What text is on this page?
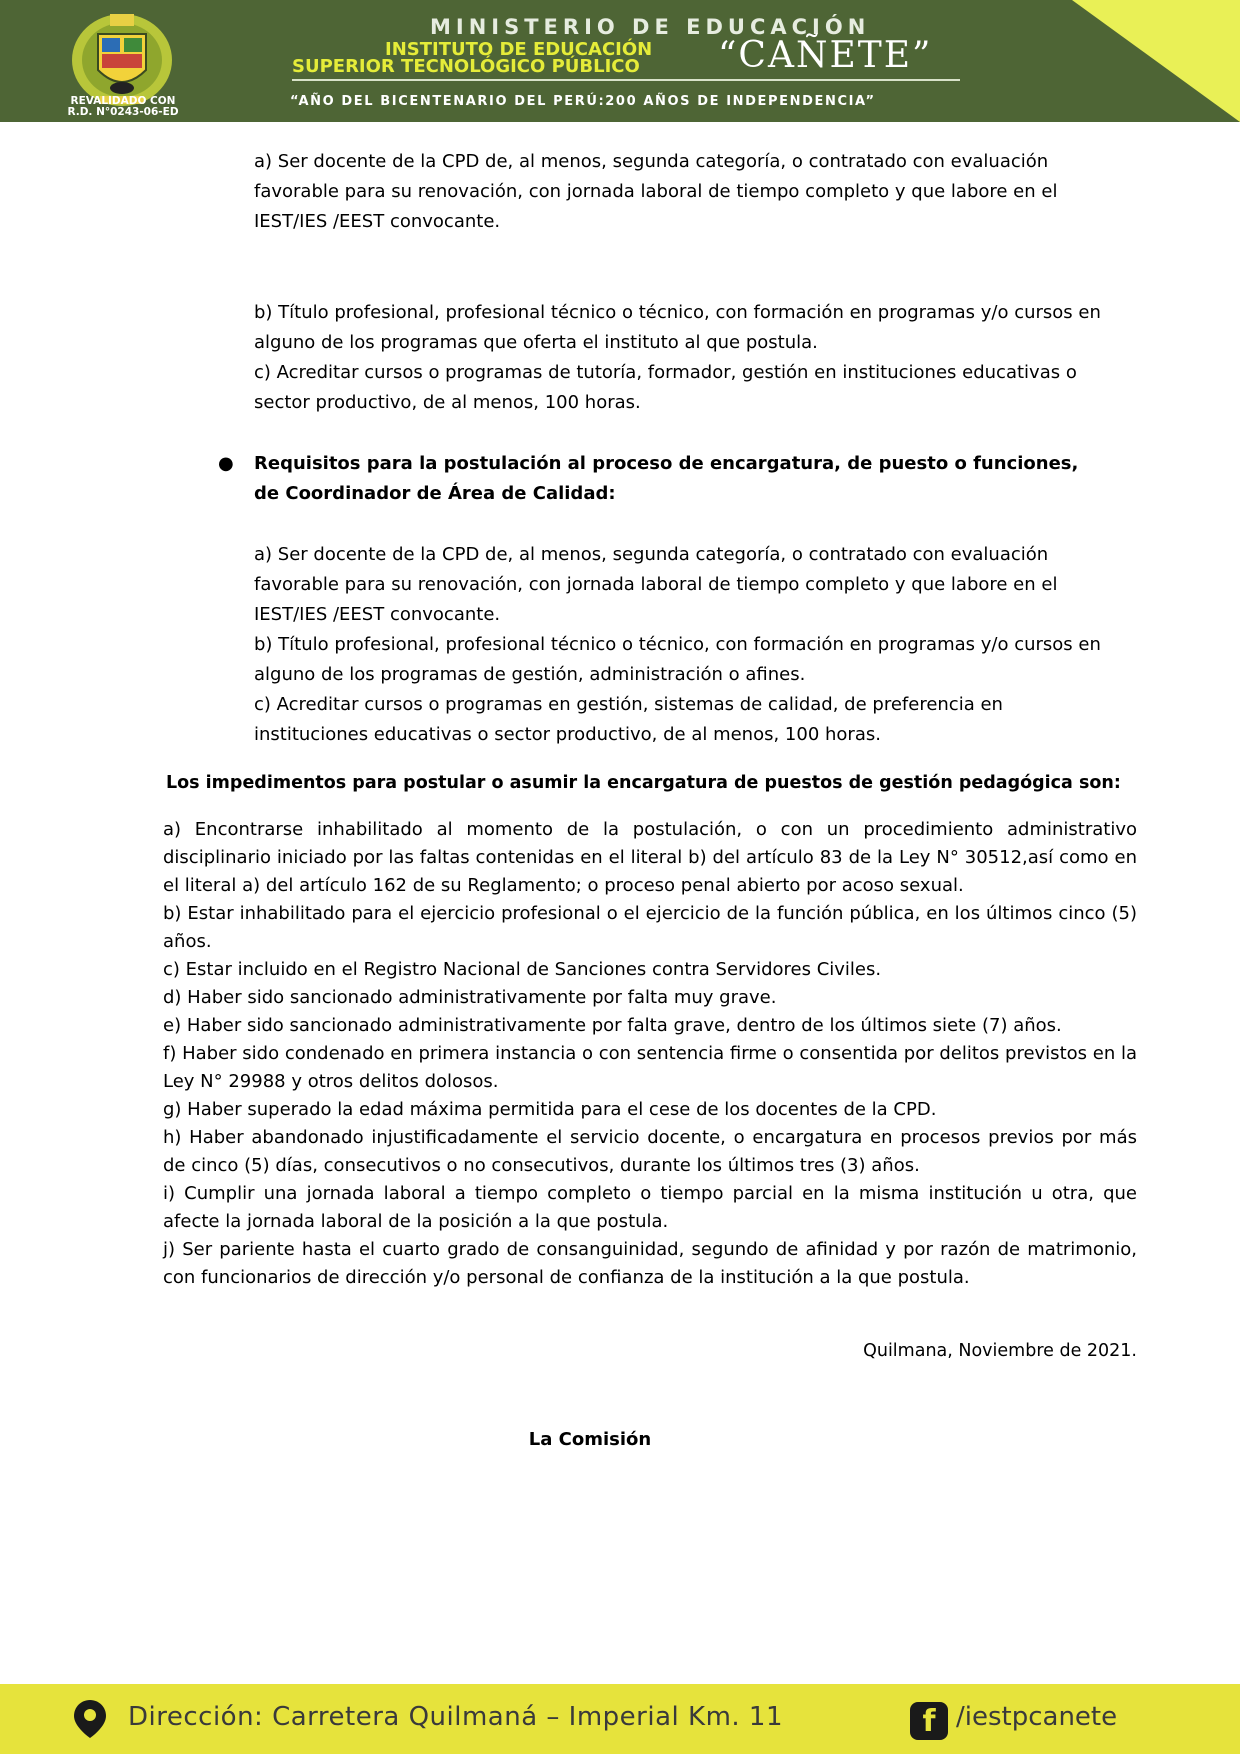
REVALIDADO CON
R.D. N°0243-06-ED
MINISTERIO DE EDUCACIÓN
INSTITUTO DE EDUCACIÓN
SUPERIOR TECNOLÓGICO PÚBLICO “CAÑETE”
“AÑO DEL BICENTENARIO DEL PERÚ:200 AÑOS DE INDEPENDENCIA”

a) Ser docente de la CPD de, al menos, segunda categoría, o contratado con evaluación favorable para su renovación, con jornada laboral de tiempo completo y que labore en el IEST/IES /EEST convocante.

b) Título profesional, profesional técnico o técnico, con formación en programas y/o cursos en alguno de los programas que oferta el instituto al que postula.

c) Acreditar cursos o programas de tutoría, formador, gestión en instituciones educativas o sector productivo, de al menos, 100 horas.

● Requisitos para la postulación al proceso de encargatura, de puesto o funciones, de Coordinador de Área de Calidad:

a) Ser docente de la CPD de, al menos, segunda categoría, o contratado con evaluación favorable para su renovación, con jornada laboral de tiempo completo y que labore en el IEST/IES /EEST convocante.

b) Título profesional, profesional técnico o técnico, con formación en programas y/o cursos en alguno de los programas de gestión, administración o afines.

c) Acreditar cursos o programas en gestión, sistemas de calidad, de preferencia en instituciones educativas o sector productivo, de al menos, 100 horas.

Los impedimentos para postular o asumir la encargatura de puestos de gestión pedagógica son:

a) Encontrarse inhabilitado al momento de la postulación, o con un procedimiento administrativo disciplinario iniciado por las faltas contenidas en el literal b) del artículo 83 de la Ley N° 30512,así como en el literal a) del artículo 162 de su Reglamento; o proceso penal abierto por acoso sexual.
b) Estar inhabilitado para el ejercicio profesional o el ejercicio de la función pública, en los últimos cinco (5) años.
c) Estar incluido en el Registro Nacional de Sanciones contra Servidores Civiles.
d) Haber sido sancionado administrativamente por falta muy grave.
e) Haber sido sancionado administrativamente por falta grave, dentro de los últimos siete (7) años.
f) Haber sido condenado en primera instancia o con sentencia firme o consentida por delitos previstos en la Ley N° 29988 y otros delitos dolosos.
g) Haber superado la edad máxima permitida para el cese de los docentes de la CPD.
h) Haber abandonado injustificadamente el servicio docente, o encargatura en procesos previos por más de cinco (5) días, consecutivos o no consecutivos, durante los últimos tres (3) años.
i) Cumplir una jornada laboral a tiempo completo o tiempo parcial en la misma institución u otra, que afecte la jornada laboral de la posición a la que postula.
j) Ser pariente hasta el cuarto grado de consanguinidad, segundo de afinidad y por razón de matrimonio, con funcionarios de dirección y/o personal de confianza de la institución a la que postula.

Quilmana, Noviembre de 2021.

La Comisión

Dirección: Carretera Quilmaná – Imperial Km. 11	f /iestpcanete
